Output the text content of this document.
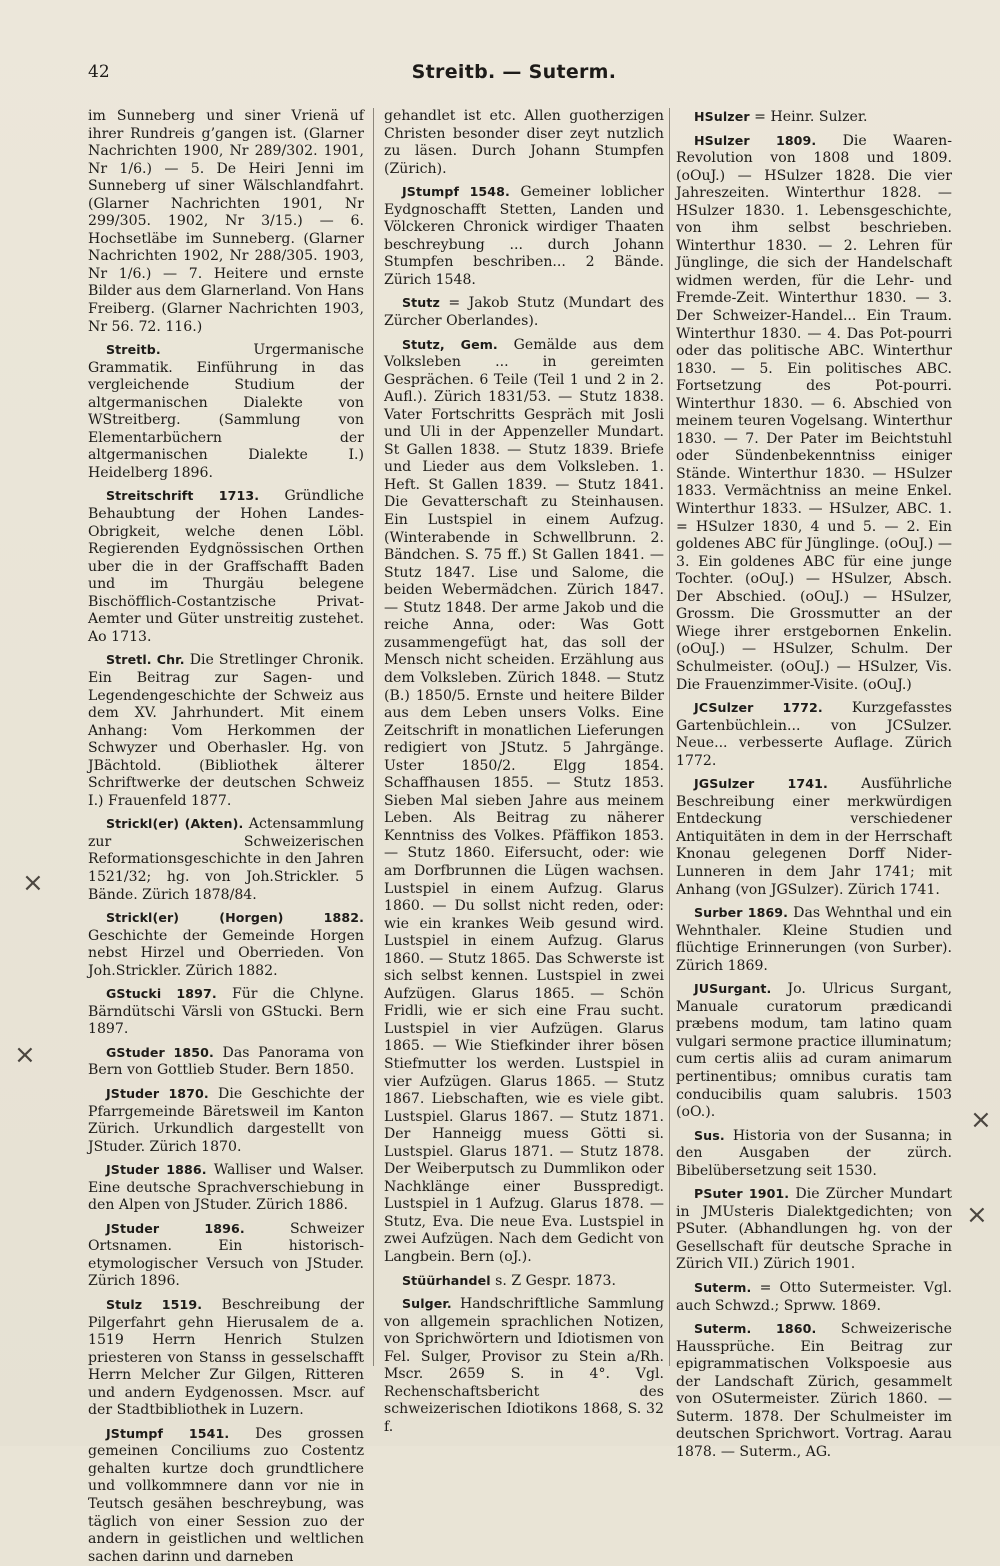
42	Streitb. — Suterm.
im Sunneberg und siner Vrienä uf ihrer Rundreis g’gangen ist. (Glarner Nachrichten 1900, Nr 289/302. 1901, Nr 1/6.) — 5. De Heiri Jenni im Sunneberg uf siner Wälschlandfahrt. (Glarner Nachrichten 1901, Nr 299/305. 1902, Nr 3/15.) — 6. Hochsetläbe im Sunneberg. (Glarner Nachrichten 1902, Nr 288/305. 1903, Nr 1/6.) — 7. Heitere und ernste Bilder aus dem Glarnerland. Von Hans Freiberg. (Glarner Nachrichten 1903, Nr 56. 72. 116.)
Streitb.	Urgermanische Grammatik. Einführung in das vergleichende Studium der altgermanischen Dialekte von WStreitberg. (Sammlung von Elementarbüchern der altgermanischen Dialekte I.) Heidelberg 1896.
Streitschrift 1713. Gründliche Behaubtung der Hohen Landes-Obrigkeit, welche denen Löbl. Regierenden Eydgnössischen Orthen uber die in der Graffschafft Baden und im Thurgäu belegene Bischöfflich-Costantzische Privat-Aemter und Güter unstreitig zustehet. Ao 1713.
Stretl. Chr. Die Stretlinger Chronik. Ein Beitrag zur Sagen- und Legendengeschichte der Schweiz aus dem XV. Jahrhundert. Mit einem Anhang: Vom Herkommen der Schwyzer und Oberhasler. Hg. von JBächtold. (Bibliothek älterer Schriftwerke der deutschen Schweiz I.) Frauenfeld 1877.
Strickl(er) (Akten). Actensammlung zur Schweizerischen Reformationsgeschichte in den Jahren 1521/32; hg. von Joh.Strickler. 5 Bände. Zürich 1878/84.
Strickl(er) (Horgen) 1882. Geschichte der Gemeinde Horgen nebst Hirzel und Oberrieden. Von Joh.Strickler. Zürich 1882.
GStucki 1897. Für die Chlyne. Bärndütschi Värsli von GStucki. Bern 1897.
GStuder 1850. Das Panorama von Bern von Gottlieb Studer. Bern 1850.
JStuder 1870. Die Geschichte der Pfarrgemeinde Bäretsweil im Kanton Zürich. Urkundlich dargestellt von JStuder. Zürich 1870.
JStuder 1886. Walliser und Walser. Eine deutsche Sprachverschiebung in den Alpen von JStuder. Zürich 1886.
JStuder 1896.	Schweizer Ortsnamen. Ein historisch-etymologischer Versuch von JStuder. Zürich 1896.
Stulz 1519. Beschreibung der Pilgerfahrt gehn Hierusalem de a. 1519 Herrn Henrich Stulzen priesteren von Stanss in gesselschafft Herrn Melcher Zur Gilgen, Ritteren und andern Eydgenossen. Mscr. auf der Stadtbibliothek in Luzern.
JStumpf 1541. Des grossen gemeinen Conciliums zuo Costentz gehalten kurtze doch grundtlichere und vollkommnere dann vor nie in Teutsch gesähen beschreybung, was täglich von einer Session zuo der andern in geistlichen und weltlichen sachen darinn und darneben
gehandlet ist etc. Allen guotherzigen Christen besonder diser zeyt nutzlich zu läsen. Durch Johann Stumpfen (Zürich).
JStumpf 1548. Gemeiner loblicher Eydgnoschafft Stetten, Landen und Völckeren Chronick wirdiger Thaaten beschreybung ... durch Johann Stumpfen beschriben... 2 Bände. Zürich 1548.
Stutz = Jakob Stutz (Mundart des Zürcher Oberlandes).
Stutz, Gem. Gemälde aus dem Volksleben ... in gereimten Gesprächen. 6 Teile (Teil 1 und 2 in 2. Aufl.). Zürich 1831/53. — Stutz 1838. Vater Fortschritts Gespräch mit Josli und Uli in der Appenzeller Mundart. St Gallen 1838. — Stutz 1839. Briefe und Lieder aus dem Volksleben. 1. Heft. St Gallen 1839. — Stutz 1841. Die Gevatterschaft zu Steinhausen. Ein Lustspiel in einem Aufzug. (Winterabende in Schwellbrunn. 2. Bändchen. S. 75 ff.) St Gallen 1841. — Stutz 1847. Lise und Salome, die beiden Webermädchen. Zürich 1847. — Stutz 1848. Der arme Jakob und die reiche Anna, oder: Was Gott zusammengefügt hat, das soll der Mensch nicht scheiden. Erzählung aus dem Volksleben. Zürich 1848. — Stutz (B.) 1850/5. Ernste und heitere Bilder aus dem Leben unsers Volks. Eine Zeitschrift in monatlichen Lieferungen redigiert von JStutz. 5 Jahrgänge. Uster 1850/2. Elgg 1854. Schaffhausen 1855. — Stutz 1853. Sieben Mal sieben Jahre aus meinem Leben. Als Beitrag zu näherer Kenntniss des Volkes. Pfäffikon 1853. — Stutz 1860. Eifersucht, oder: wie am Dorfbrunnen die Lügen wachsen. Lustspiel in einem Aufzug. Glarus 1860. — Du sollst nicht reden, oder: wie ein krankes Weib gesund wird. Lustspiel in einem Aufzug. Glarus 1860. — Stutz 1865. Das Schwerste ist sich selbst kennen. Lustspiel in zwei Aufzügen. Glarus 1865. — Schön Fridli, wie er sich eine Frau sucht. Lustspiel in vier Aufzügen. Glarus 1865. — Wie Stiefkinder ihrer bösen Stiefmutter los werden. Lustspiel in vier Aufzügen. Glarus 1865. — Stutz 1867. Liebschaften, wie es viele gibt. Lustspiel. Glarus 1867. — Stutz 1871. Der Hanneigg muess Götti si. Lustspiel. Glarus 1871. — Stutz 1878. Der Weiberputsch zu Dummlikon oder Nachklänge einer Busspredigt. Lustspiel in 1 Aufzug. Glarus 1878. — Stutz, Eva. Die neue Eva. Lustspiel in zwei Aufzügen. Nach dem Gedicht von Langbein. Bern (oJ.).
Stüürhandel s. Z Gespr. 1873.
Sulger. Handschriftliche Sammlung von allgemein sprachlichen Notizen, von Sprichwörtern und Idiotismen von Fel. Sulger, Provisor zu Stein a/Rh. Mscr. 2659 S. in 4°. Vgl. Rechenschaftsbericht des schweizerischen Idiotikons 1868, S. 32 f.
HSulzer = Heinr. Sulzer.
HSulzer 1809. Die Waaren-Revolution von 1808 und 1809. (oOuJ.) — HSulzer 1828. Die vier Jahreszeiten. Winterthur 1828. — HSulzer 1830. 1. Lebensgeschichte, von ihm selbst beschrieben. Winterthur 1830. — 2. Lehren für Jünglinge, die sich der Handelschaft widmen werden, für die Lehr- und Fremde-Zeit. Winterthur 1830. — 3. Der Schweizer-Handel... Ein Traum. Winterthur 1830. — 4. Das Pot-pourri oder das politische ABC. Winterthur 1830. — 5. Ein politisches ABC. Fortsetzung des Pot-pourri. Winterthur 1830. — 6. Abschied von meinem teuren Vogelsang. Winterthur 1830. — 7. Der Pater im Beichtstuhl oder Sündenbekenntniss einiger Stände. Winterthur 1830. — HSulzer 1833. Vermächtniss an meine Enkel. Winterthur 1833. — HSulzer, ABC. 1. = HSulzer 1830, 4 und 5. — 2. Ein goldenes ABC für Jünglinge. (oOuJ.) — 3. Ein goldenes ABC für eine junge Tochter. (oOuJ.) — HSulzer, Absch. Der Abschied. (oOuJ.) — HSulzer, Grossm. Die Grossmutter an der Wiege ihrer erstgebornen Enkelin. (oOuJ.) — HSulzer, Schulm. Der Schulmeister. (oOuJ.) — HSulzer, Vis. Die Frauenzimmer-Visite. (oOuJ.)
JCSulzer 1772. Kurzgefasstes Gartenbüchlein... von JCSulzer. Neue... verbesserte Auflage. Zürich 1772.
JGSulzer 1741. Ausführliche Beschreibung einer merkwürdigen Entdeckung verschiedener Antiquitäten in dem in der Herrschaft Knonau gelegenen Dorff Nider-Lunneren in dem Jahr 1741; mit Anhang (von JGSulzer). Zürich 1741.
Surber 1869. Das Wehnthal und ein Wehnthaler. Kleine Studien und flüchtige Erinnerungen (von Surber). Zürich 1869.
JUSurgant. Jo. Ulricus Surgant, Manuale curatorum prædicandi præbens modum, tam latino quam vulgari sermone practice illuminatum; cum certis aliis ad curam animarum pertinentibus; omnibus curatis tam conducibilis quam salubris. 1503 (oO.).
Sus. Historia von der Susanna; in den Ausgaben der zürch. Bibelübersetzung seit 1530.
PSuter 1901. Die Zürcher Mundart in JMUsteris Dialektgedichten; von PSuter. (Abhandlungen hg. von der Gesellschaft für deutsche Sprache in Zürich VII.) Zürich 1901.
Suterm. = Otto Sutermeister. Vgl. auch Schwzd.; Sprww. 1869.
Suterm. 1860. Schweizerische Haussprüche. Ein Beitrag zur epigrammatischen Volkspoesie aus der Landschaft Zürich, gesammelt von OSutermeister. Zürich 1860. — Suterm. 1878. Der Schulmeister im deutschen Sprichwort. Vortrag. Aarau 1878. — Suterm., AG.
×
×
×
×
